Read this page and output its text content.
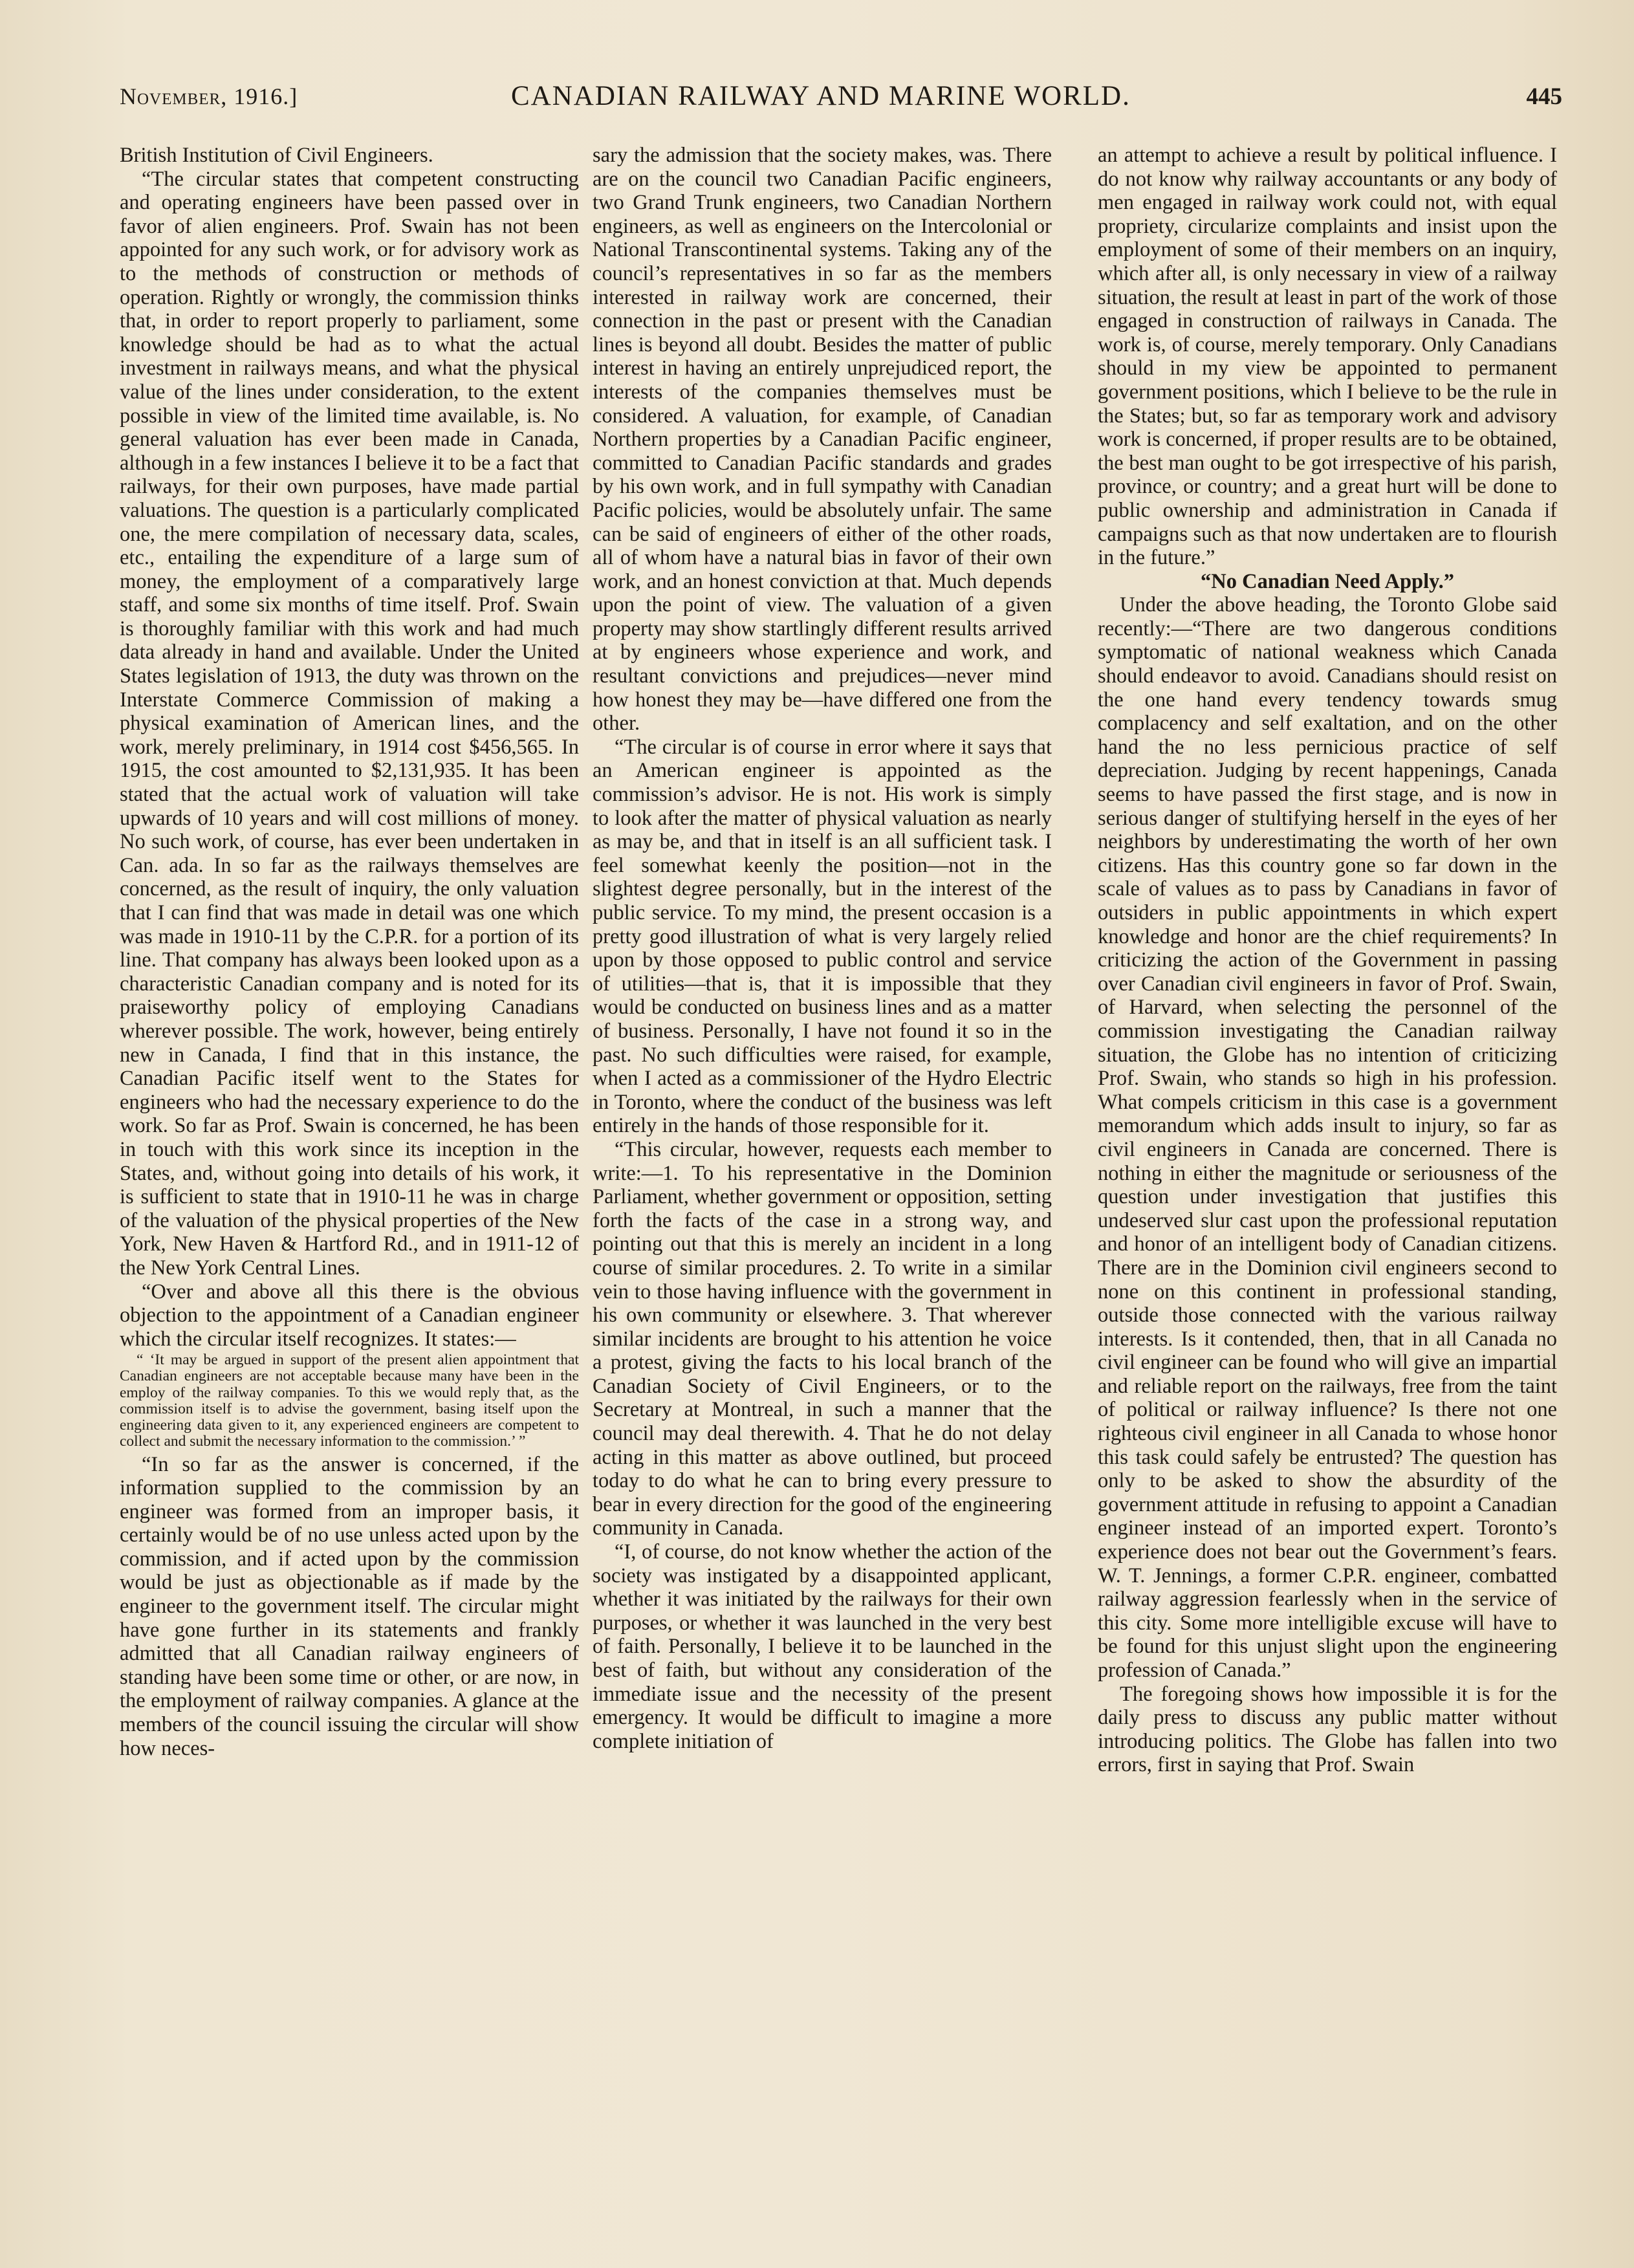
November, 1916.]	CANADIAN RAILWAY AND MARINE WORLD.	445

British Institution of Civil Engineers.

“The circular states that competent constructing and operating engineers have been passed over in favor of alien engineers. Prof. Swain has not been appointed for any such work, or for advisory work as to the methods of construction or methods of operation. Rightly or wrongly, the commission thinks that, in order to report properly to parliament, some knowledge should be had as to what the actual investment in railways means, and what the physical value of the lines under consideration, to the extent possible in view of the limited time available, is. No general valuation has ever been made in Canada, although in a few instances I believe it to be a fact that railways, for their own purposes, have made partial valuations. The question is a particularly complicated one, the mere compilation of necessary data, scales, etc., entailing the expenditure of a large sum of money, the employment of a comparatively large staff, and some six months of time itself. Prof. Swain is thoroughly familiar with this work and had much data already in hand and available. Under the United States legislation of 1913, the duty was thrown on the Interstate Commerce Commission of making a physical examination of American lines, and the work, merely preliminary, in 1914 cost $456,565. In 1915, the cost amounted to $2,131,935. It has been stated that the actual work of valuation will take upwards of 10 years and will cost millions of money. No such work, of course, has ever been undertaken in Can. ada. In so far as the railways themselves are concerned, as the result of inquiry, the only valuation that I can find that was made in detail was one which was made in 1910-11 by the C.P.R. for a portion of its line. That company has always been looked upon as a characteristic Canadian company and is noted for its praiseworthy policy of employing Canadians wherever possible. The work, however, being entirely new in Canada, I find that in this instance, the Canadian Pacific itself went to the States for engineers who had the necessary experience to do the work. So far as Prof. Swain is concerned, he has been in touch with this work since its inception in the States, and, without going into details of his work, it is sufficient to state that in 1910-11 he was in charge of the valuation of the physical properties of the New York, New Haven & Hartford Rd., and in 1911-12 of the New York Central Lines.

“Over and above all this there is the obvious objection to the appointment of a Canadian engineer which the circular itself recognizes. It states:—

“ ‘It may be argued in support of the present alien appointment that Canadian engineers are not acceptable because many have been in the employ of the railway companies. To this we would reply that, as the commission itself is to advise the government, basing itself upon the engineering data given to it, any experienced engineers are competent to collect and submit the necessary information to the commission.’ ”

“In so far as the answer is concerned, if the information supplied to the commission by an engineer was formed from an improper basis, it certainly would be of no use unless acted upon by the commission, and if acted upon by the commission would be just as objectionable as if made by the engineer to the government itself. The circular might have gone further in its statements and frankly admitted that all Canadian railway engineers of standing have been some time or other, or are now, in the employment of railway companies. A glance at the members of the council issuing the circular will show how neces-

sary the admission that the society makes, was. There are on the council two Canadian Pacific engineers, two Grand Trunk engineers, two Canadian Northern engineers, as well as engineers on the Intercolonial or National Transcontinental systems. Taking any of the council’s representatives in so far as the members interested in railway work are concerned, their connection in the past or present with the Canadian lines is beyond all doubt. Besides the matter of public interest in having an entirely unprejudiced report, the interests of the companies themselves must be considered. A valuation, for example, of Canadian Northern properties by a Canadian Pacific engineer, committed to Canadian Pacific standards and grades by his own work, and in full sympathy with Canadian Pacific policies, would be absolutely unfair. The same can be said of engineers of either of the other roads, all of whom have a natural bias in favor of their own work, and an honest conviction at that. Much depends upon the point of view. The valuation of a given property may show startlingly different results arrived at by engineers whose experience and work, and resultant convictions and prejudices—never mind how honest they may be—have differed one from the other.

“The circular is of course in error where it says that an American engineer is appointed as the commission’s advisor. He is not. His work is simply to look after the matter of physical valuation as nearly as may be, and that in itself is an all sufficient task. I feel somewhat keenly the position—not in the slightest degree personally, but in the interest of the public service. To my mind, the present occasion is a pretty good illustration of what is very largely relied upon by those opposed to public control and service of utilities—that is, that it is impossible that they would be conducted on business lines and as a matter of business. Personally, I have not found it so in the past. No such difficulties were raised, for example, when I acted as a commissioner of the Hydro Electric in Toronto, where the conduct of the business was left entirely in the hands of those responsible for it.

“This circular, however, requests each member to write:—1. To his representative in the Dominion Parliament, whether government or opposition, setting forth the facts of the case in a strong way, and pointing out that this is merely an incident in a long course of similar procedures. 2. To write in a similar vein to those having influence with the government in his own community or elsewhere. 3. That wherever similar incidents are brought to his attention he voice a protest, giving the facts to his local branch of the Canadian Society of Civil Engineers, or to the Secretary at Montreal, in such a manner that the council may deal therewith. 4. That he do not delay acting in this matter as above outlined, but proceed today to do what he can to bring every pressure to bear in every direction for the good of the engineering community in Canada.

“I, of course, do not know whether the action of the society was instigated by a disappointed applicant, whether it was initiated by the railways for their own purposes, or whether it was launched in the very best of faith. Personally, I believe it to be launched in the best of faith, but without any consideration of the immediate issue and the necessity of the present emergency. It would be difficult to imagine a more complete initiation of

an attempt to achieve a result by political influence. I do not know why railway accountants or any body of men engaged in railway work could not, with equal propriety, circularize complaints and insist upon the employment of some of their members on an inquiry, which after all, is only necessary in view of a railway situation, the result at least in part of the work of those engaged in construction of railways in Canada. The work is, of course, merely temporary. Only Canadians should in my view be appointed to permanent government positions, which I believe to be the rule in the States; but, so far as temporary work and advisory work is concerned, if proper results are to be obtained, the best man ought to be got irrespective of his parish, province, or country; and a great hurt will be done to public ownership and administration in Canada if campaigns such as that now undertaken are to flourish in the future.”

“No Canadian Need Apply.”

Under the above heading, the Toronto Globe said recently:—“There are two dangerous conditions symptomatic of national weakness which Canada should endeavor to avoid. Canadians should resist on the one hand every tendency towards smug complacency and self exaltation, and on the other hand the no less pernicious practice of self depreciation. Judging by recent happenings, Canada seems to have passed the first stage, and is now in serious danger of stultifying herself in the eyes of her neighbors by underestimating the worth of her own citizens. Has this country gone so far down in the scale of values as to pass by Canadians in favor of outsiders in public appointments in which expert knowledge and honor are the chief requirements? In criticizing the action of the Government in passing over Canadian civil engineers in favor of Prof. Swain, of Harvard, when selecting the personnel of the commission investigating the Canadian railway situation, the Globe has no intention of criticizing Prof. Swain, who stands so high in his profession. What compels criticism in this case is a government memorandum which adds insult to injury, so far as civil engineers in Canada are concerned. There is nothing in either the magnitude or seriousness of the question under investigation that justifies this undeserved slur cast upon the professional reputation and honor of an intelligent body of Canadian citizens. There are in the Dominion civil engineers second to none on this continent in professional standing, outside those connected with the various railway interests. Is it contended, then, that in all Canada no civil engineer can be found who will give an impartial and reliable report on the railways, free from the taint of political or railway influence? Is there not one righteous civil engineer in all Canada to whose honor this task could safely be entrusted? The question has only to be asked to show the absurdity of the government attitude in refusing to appoint a Canadian engineer instead of an imported expert. Toronto’s experience does not bear out the Government’s fears. W. T. Jennings, a former C.P.R. engineer, combatted railway aggression fearlessly when in the service of this city. Some more intelligible excuse will have to be found for this unjust slight upon the engineering profession of Canada.”

The foregoing shows how impossible it is for the daily press to discuss any public matter without introducing politics. The Globe has fallen into two errors, first in saying that Prof. Swain
